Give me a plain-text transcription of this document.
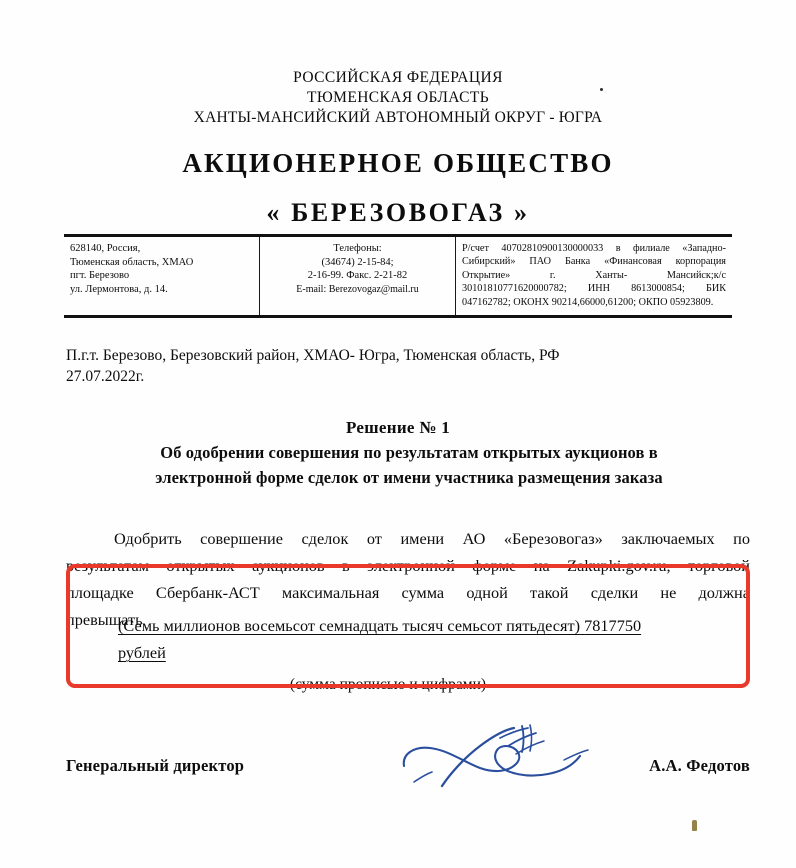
РОССИЙСКАЯ ФЕДЕРАЦИЯ
ТЮМЕНСКАЯ ОБЛАСТЬ
ХАНТЫ-МАНСИЙСКИЙ АВТОНОМНЫЙ ОКРУГ - ЮГРА
АКЦИОНЕРНОЕ ОБЩЕСТВО
« БЕРЕЗОВОГАЗ »
628140, Россия,
Тюменская область, ХМАО
пгт. Березово
ул. Лермонтова, д. 14.
Телефоны:
(34674) 2-15-84;
2-16-99. Факс. 2-21-82
E-mail: Berezovogaz@mail.ru
Р/счет 40702810900130000033 в филиале «Западно-
Сибирский» ПАО Банка «Финансовая корпорация
Открытие» г. Ханты- Мансийск;к/с
30101810771620000782; ИНН 8613000854; БИК
047162782; ОКОНХ 90214,66000,61200; ОКПО 05923809.
П.г.т. Березово, Березовский район, ХМАО- Югра, Тюменская область, РФ
27.07.2022г.
Решение № 1
Об одобрении совершения по результатам открытых аукционов в
электронной форме сделок от имени участника размещения заказа
Одобрить совершение сделок от имени АО «Березовогаз» заключаемых по
результатам открытых аукционов в электронной форме на Zakupki.gov.ru, торговой
площадке Сбербанк-АСТ максимальная сумма одной такой сделки не должна
превышать
(Семь миллионов восемьсот семнадцать тысяч семьсот пятьдесят) 7817750
рублей
(сумма прописью и цифрами)
Генеральный директор	А.А. Федотов
